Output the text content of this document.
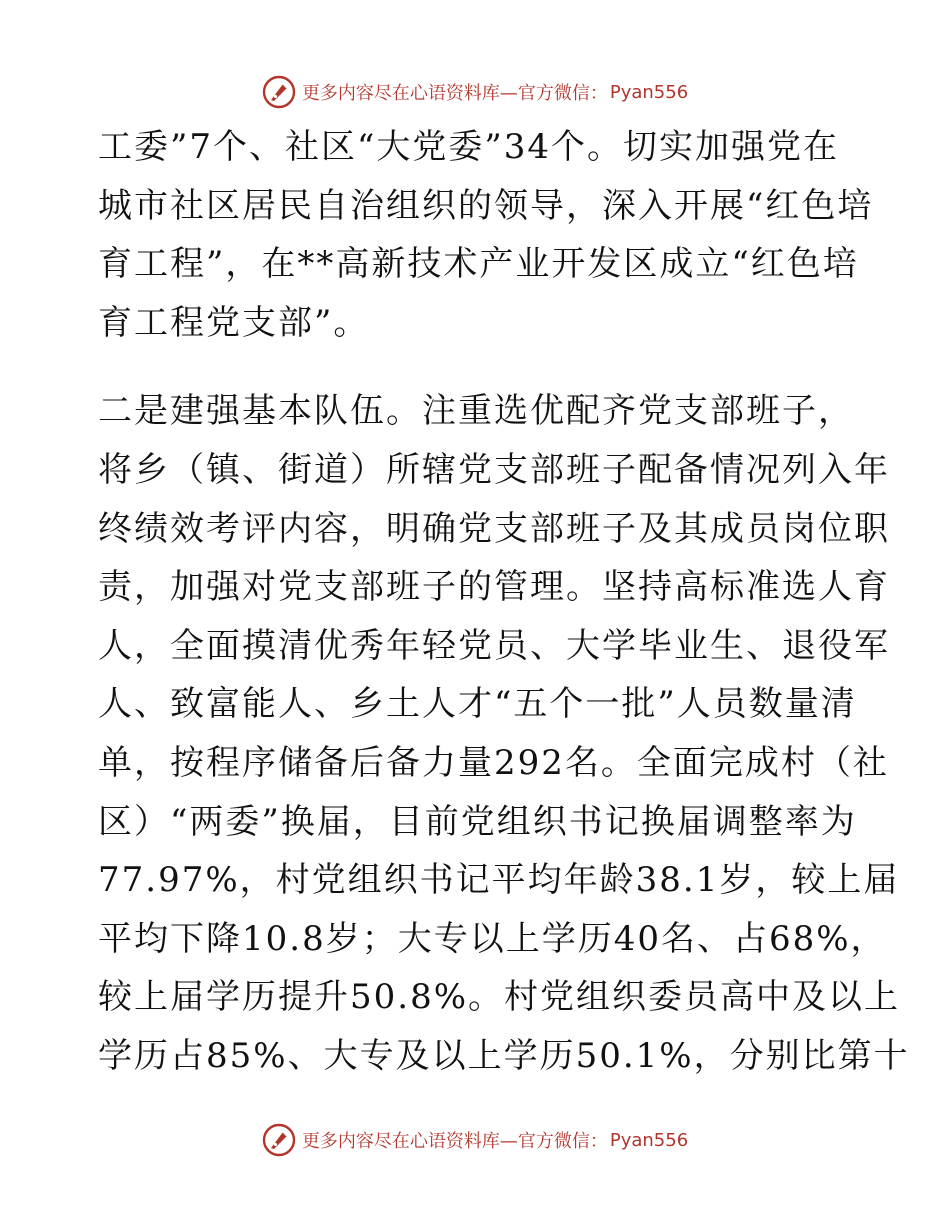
更多内容尽在心语资料库—官方微信： Pyan556
工委”7个、社区“大党委”34个。切实加强党在
城市社区居民自治组织的领导，深入开展“红色培
育工程”，在**高新技术产业开发区成立“红色培
育工程党支部”。
二是建强基本队伍。注重选优配齐党支部班子，
将乡（镇、街道）所辖党支部班子配备情况列入年
终绩效考评内容，明确党支部班子及其成员岗位职
责，加强对党支部班子的管理。坚持高标准选人育
人，全面摸清优秀年轻党员、大学毕业生、退役军
人、致富能人、乡土人才“五个一批”人员数量清
单，按程序储备后备力量292名。全面完成村（社
区）“两委”换届，目前党组织书记换届调整率为
77.97%，村党组织书记平均年龄38.1岁，较上届
平均下降10.8岁；大专以上学历40名、占68%，
较上届学历提升50.8%。村党组织委员高中及以上
学历占85%、大专及以上学历50.1%，分别比第十
更多内容尽在心语资料库—官方微信： Pyan556
